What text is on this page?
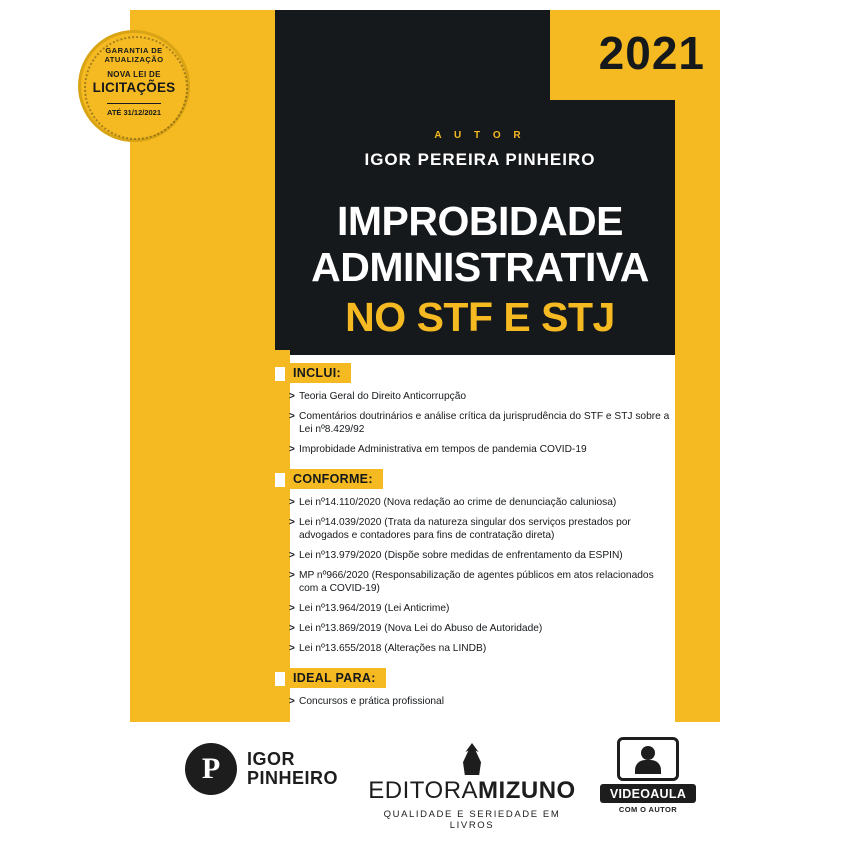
2021
A U T O R
IGOR PEREIRA PINHEIRO
IMPROBIDADE
ADMINISTRATIVA
NO STF E STJ
INCLUI:
> Teoria Geral do Direito Anticorrupção
> Comentários doutrinários e análise crítica da jurisprudência do STF e STJ sobre a Lei nº8.429/92
> Improbidade Administrativa em tempos de pandemia COVID-19
CONFORME:
> Lei nº14.110/2020 (Nova redação ao crime de denunciação caluniosa)
> Lei nº14.039/2020 (Trata da natureza singular dos serviços prestados por advogados e contadores para fins de contratação direta)
> Lei nº13.979/2020 (Dispõe sobre medidas de enfrentamento da ESPIN)
> MP nº966/2020 (Responsabilização de agentes públicos em atos relacionados com a COVID-19)
> Lei nº13.964/2019 (Lei Anticrime)
> Lei nº13.869/2019 (Nova Lei do Abuso de Autoridade)
> Lei nº13.655/2018 (Alterações na LINDB)
IDEAL PARA:
> Concursos e prática profissional
GARANTIA DE ATUALIZAÇÃO
NOVA LEI DE
LICITAÇÕES
ATÉ 31/12/2021
P	IGOR
PINHEIRO EDITORAMIZUNO
QUALIDADE E SERIEDADE EM LIVROS
VIDEOAULA
COM O AUTOR
